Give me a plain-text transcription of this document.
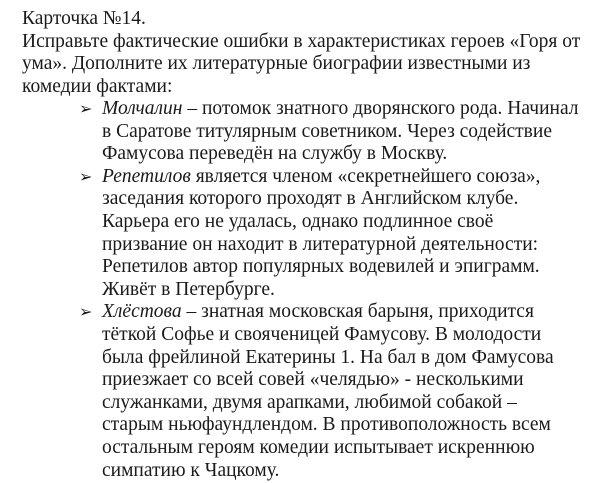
Карточка №14.

Исправьте фактические ошибки в характеристиках героев «Горя от ума». Дополните их литературные биографии известными из комедии фактами:

➢ Молчалин – потомок знатного дворянского рода. Начинал в Саратове титулярным советником. Через содействие Фамусова переведён на службу в Москву.
➢ Репетилов является членом «секретнейшего союза», заседания которого проходят в Английском клубе. Карьера его не удалась, однако подлинное своё призвание он находит в литературной деятельности: Репетилов автор популярных водевилей и эпиграмм. Живёт в Петербурге.
➢ Хлёстова – знатная московская барыня, приходится тёткой Софье и свояченицей Фамусову. В молодости была фрейлиной Екатерины 1. На бал в дом Фамусова приезжает со всей совей «челядью» - несколькими служанками, двумя арапками, любимой собакой – старым ньюфаундлендом. В противоположность всем остальным героям комедии испытывает искреннюю симпатию к Чацкому.
